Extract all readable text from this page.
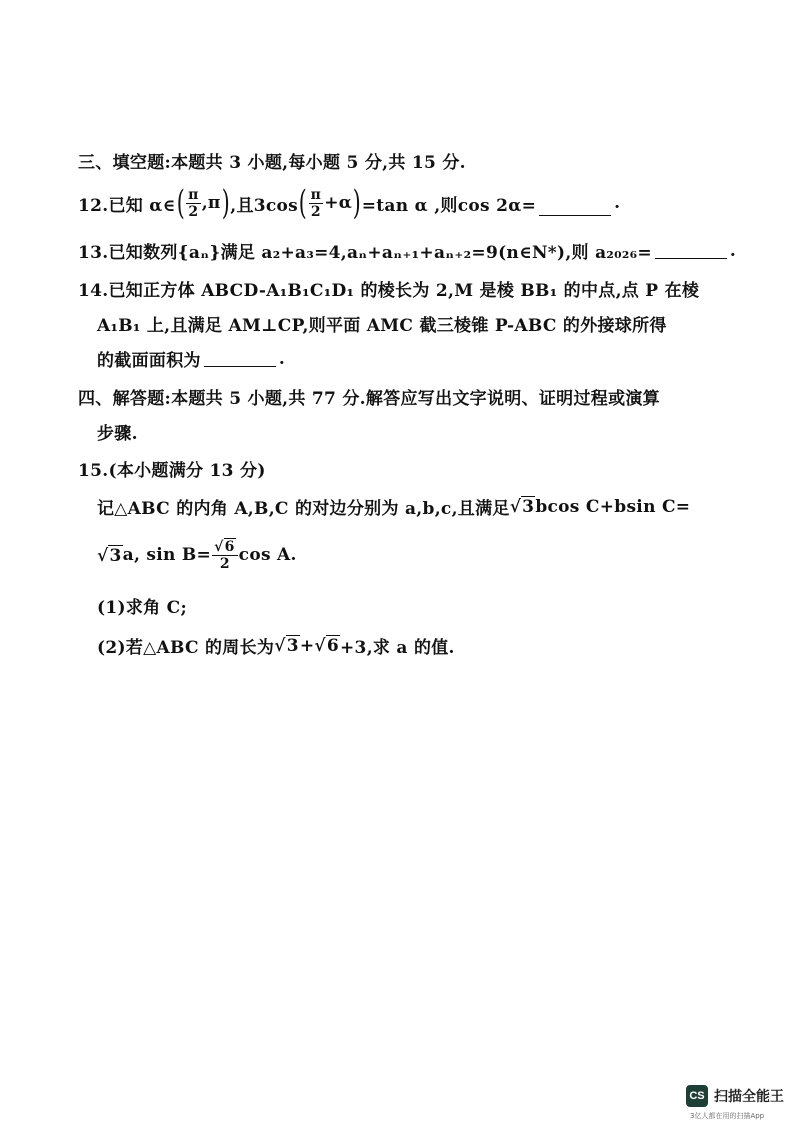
三、填空题:本题共 3 小题,每小题 5 分,共 15 分.
12.已知 α∈ ( $\frac{\pi}{2} ,\pi$ ) ,且3cos ( $\frac{\pi}{2} +\alpha$ ) =tan α ,则cos 2α=	.
13.已知数列{aₙ}满足 a₂+a₃=4,aₙ+aₙ₊₁+aₙ₊₂=9(n∈N*),则 a₂₀₂₆=	.
14.已知正方体 ABCD-A₁B₁C₁D₁ 的棱长为 2,M 是棱 BB₁ 的中点,点 P 在棱
A₁B₁ 上,且满足 AM⊥CP,则平面 AMC 截三棱锥 P-ABC 的外接球所得
的截面面积为	.
四、解答题:本题共 5 小题,共 77 分.解答应写出文字说明、证明过程或演算
步骤.
15.(本小题满分 13 分)
记△ABC 的内角 A,B,C 的对边分别为 a,b,c,且满足 √ 3 bcos C+bsin C=
√ 3 a, $\sin B= \frac{√ 6}{2}$ cos A.
(1)求角 C;
(2)若△ABC 的周长为 √ 3 + √ 6 +3,求 a 的值.
CS 扫描全能王
3亿人都在用的扫描App
